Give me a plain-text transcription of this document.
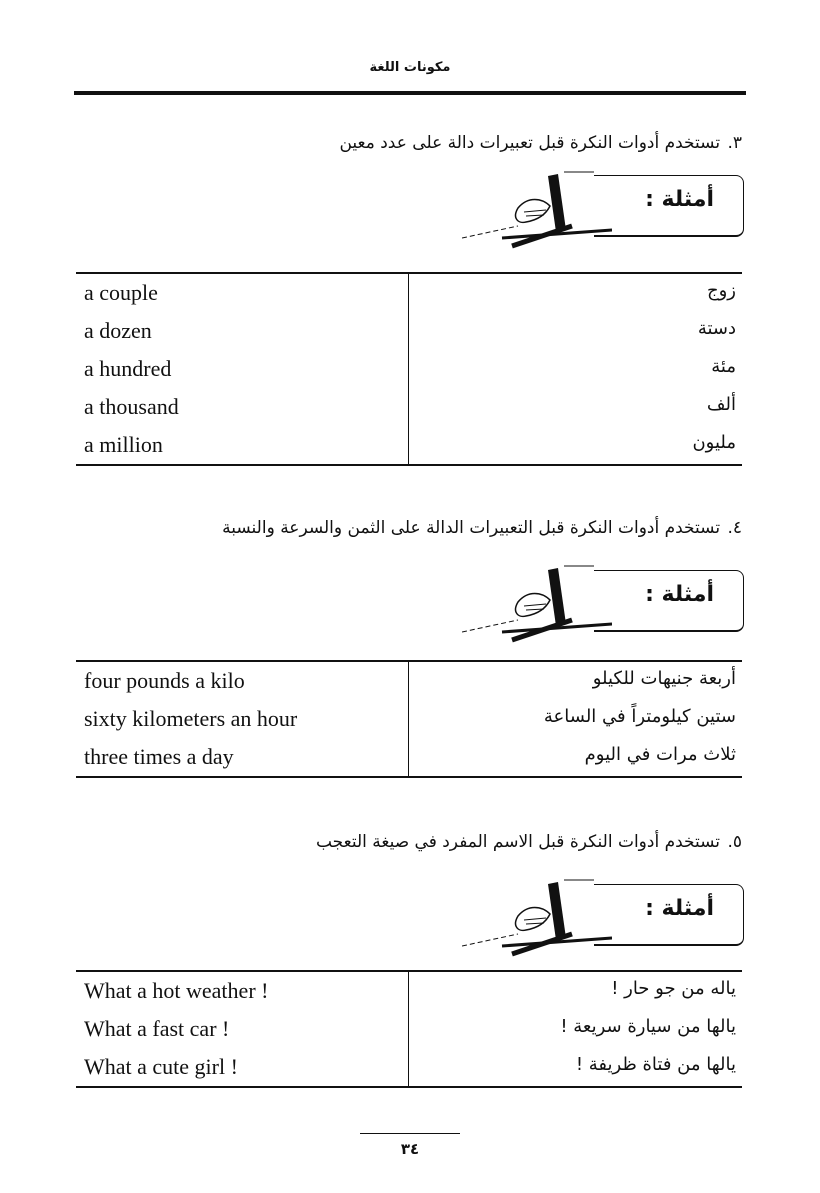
مكونات اللغة
٣. تستخدم أدوات النكرة قبل تعبيرات دالة على عدد معين
أمثلة :
a couple	زوج
a dozen	دستة
a hundred	مئة
a thousand	ألف
a million	مليون
٤. تستخدم أدوات النكرة قبل التعبيرات الدالة على الثمن والسرعة والنسبة
أمثلة :
four pounds a kilo	أربعة جنيهات للكيلو
sixty kilometers an hour	ستين كيلومتراً في الساعة
three times a day	ثلاث مرات في اليوم
٥. تستخدم أدوات النكرة قبل الاسم المفرد في صيغة التعجب
أمثلة :
What a hot weather !	ياله من جو حار !
What a fast car !	يالها من سيارة سريعة !
What a cute girl !	يالها من فتاة ظريفة !
٣٤
